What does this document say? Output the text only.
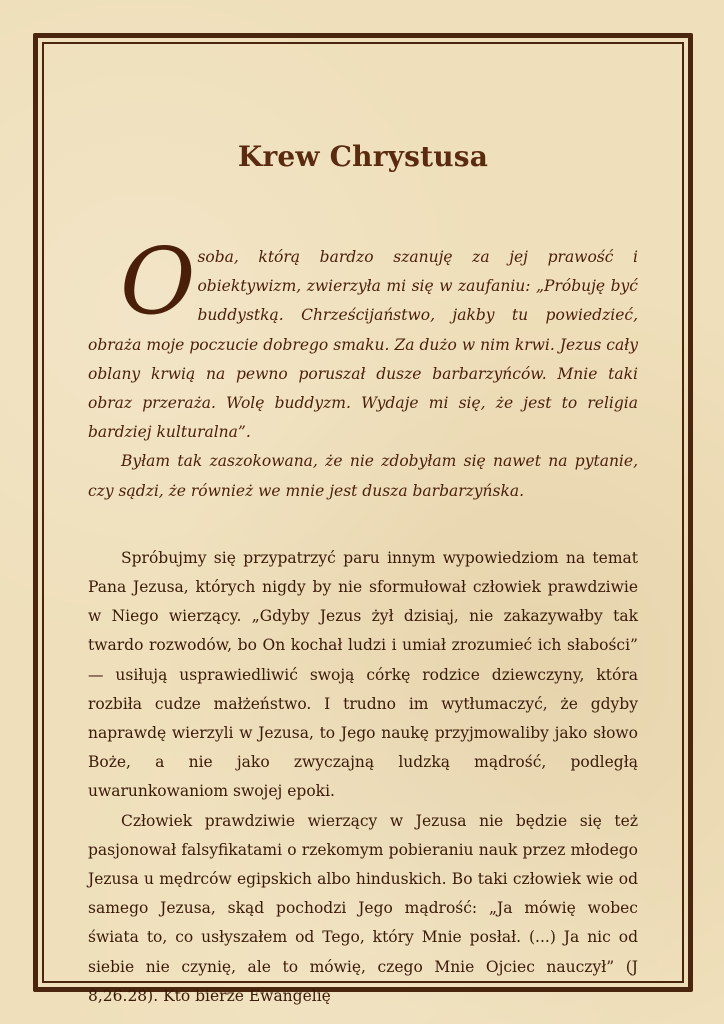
Krew Chrystusa

Osoba, którą bardzo szanuję za jej prawość i obiektywizm, zwierzyła mi się w zaufaniu: „Próbuję być buddystką. Chrześcijaństwo, jakby tu powiedzieć, obraża moje poczucie dobrego smaku. Za dużo w nim krwi. Jezus cały oblany krwią na pewno poruszał dusze barbarzyńców. Mnie taki obraz przeraża. Wolę buddyzm. Wydaje mi się, że jest to religia bardziej kulturalna”.

Byłam tak zaszokowana, że nie zdobyłam się nawet na pytanie, czy sądzi, że również we mnie jest dusza barbarzyńska.

Spróbujmy się przypatrzyć paru innym wypowiedziom na temat Pana Jezusa, których nigdy by nie sformułował człowiek prawdziwie w Niego wierzący. „Gdyby Jezus żył dzisiaj, nie zakazywałby tak twardo rozwodów, bo On kochał ludzi i umiał zrozumieć ich słabości” — usiłują usprawiedliwić swoją córkę rodzice dziewczyny, która rozbiła cudze małżeństwo. I trudno im wytłumaczyć, że gdyby naprawdę wierzyli w Jezusa, to Jego naukę przyjmowaliby jako słowo Boże, a nie jako zwyczajną ludzką mądrość, podległą uwarunkowaniom swojej epoki.

Człowiek prawdziwie wierzący w Jezusa nie będzie się też pasjonował falsyfikatami o rzekomym pobieraniu nauk przez młodego Jezusa u mędrców egipskich albo hinduskich. Bo taki człowiek wie od samego Jezusa, skąd pochodzi Jego mądrość: „Ja mówię wobec świata to, co usłyszałem od Tego, który Mnie posłał. (...) Ja nic od siebie nie czynię, ale to mówię, czego Mnie Ojciec nauczył” (J 8,26.28). Kto bierze Ewangelię
